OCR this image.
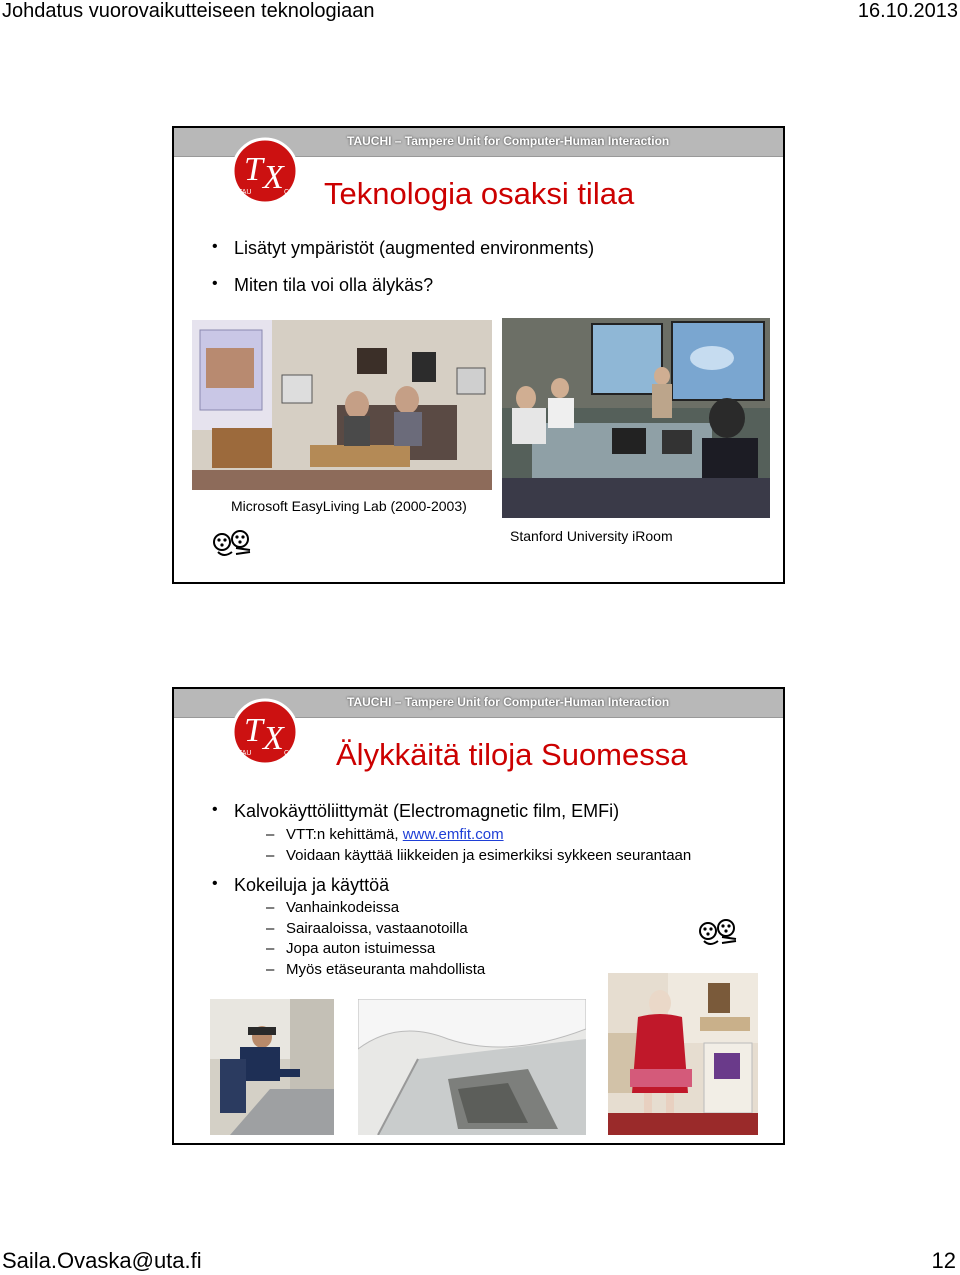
Johdatus vuorovaikutteiseen teknologiaan	16.10.2013
TAUCHI – Tampere Unit for Computer-Human Interaction
T X
TAU	CHI Teknologia osaksi tilaa
• Lisätyt ympäristöt (augmented environments)
• Miten tila voi olla älykäs?
Microsoft EasyLiving Lab (2000-2003)
Stanford University iRoom
TAUCHI – Tampere Unit for Computer-Human Interaction
T X
TAU	CHI Älykkäitä tiloja Suomessa
• Kalvokäyttöliittymät (Electromagnetic film, EMFi)
– VTT:n kehittämä, www.emfit.com
– Voidaan käyttää liikkeiden ja esimerkiksi sykkeen seurantaan
• Kokeiluja ja käyttöä
– Vanhainkodeissa
– Sairaaloissa, vastaanotoilla
– Jopa auton istuimessa
– Myös etäseuranta mahdollista
Saila.Ovaska@uta.fi	12
